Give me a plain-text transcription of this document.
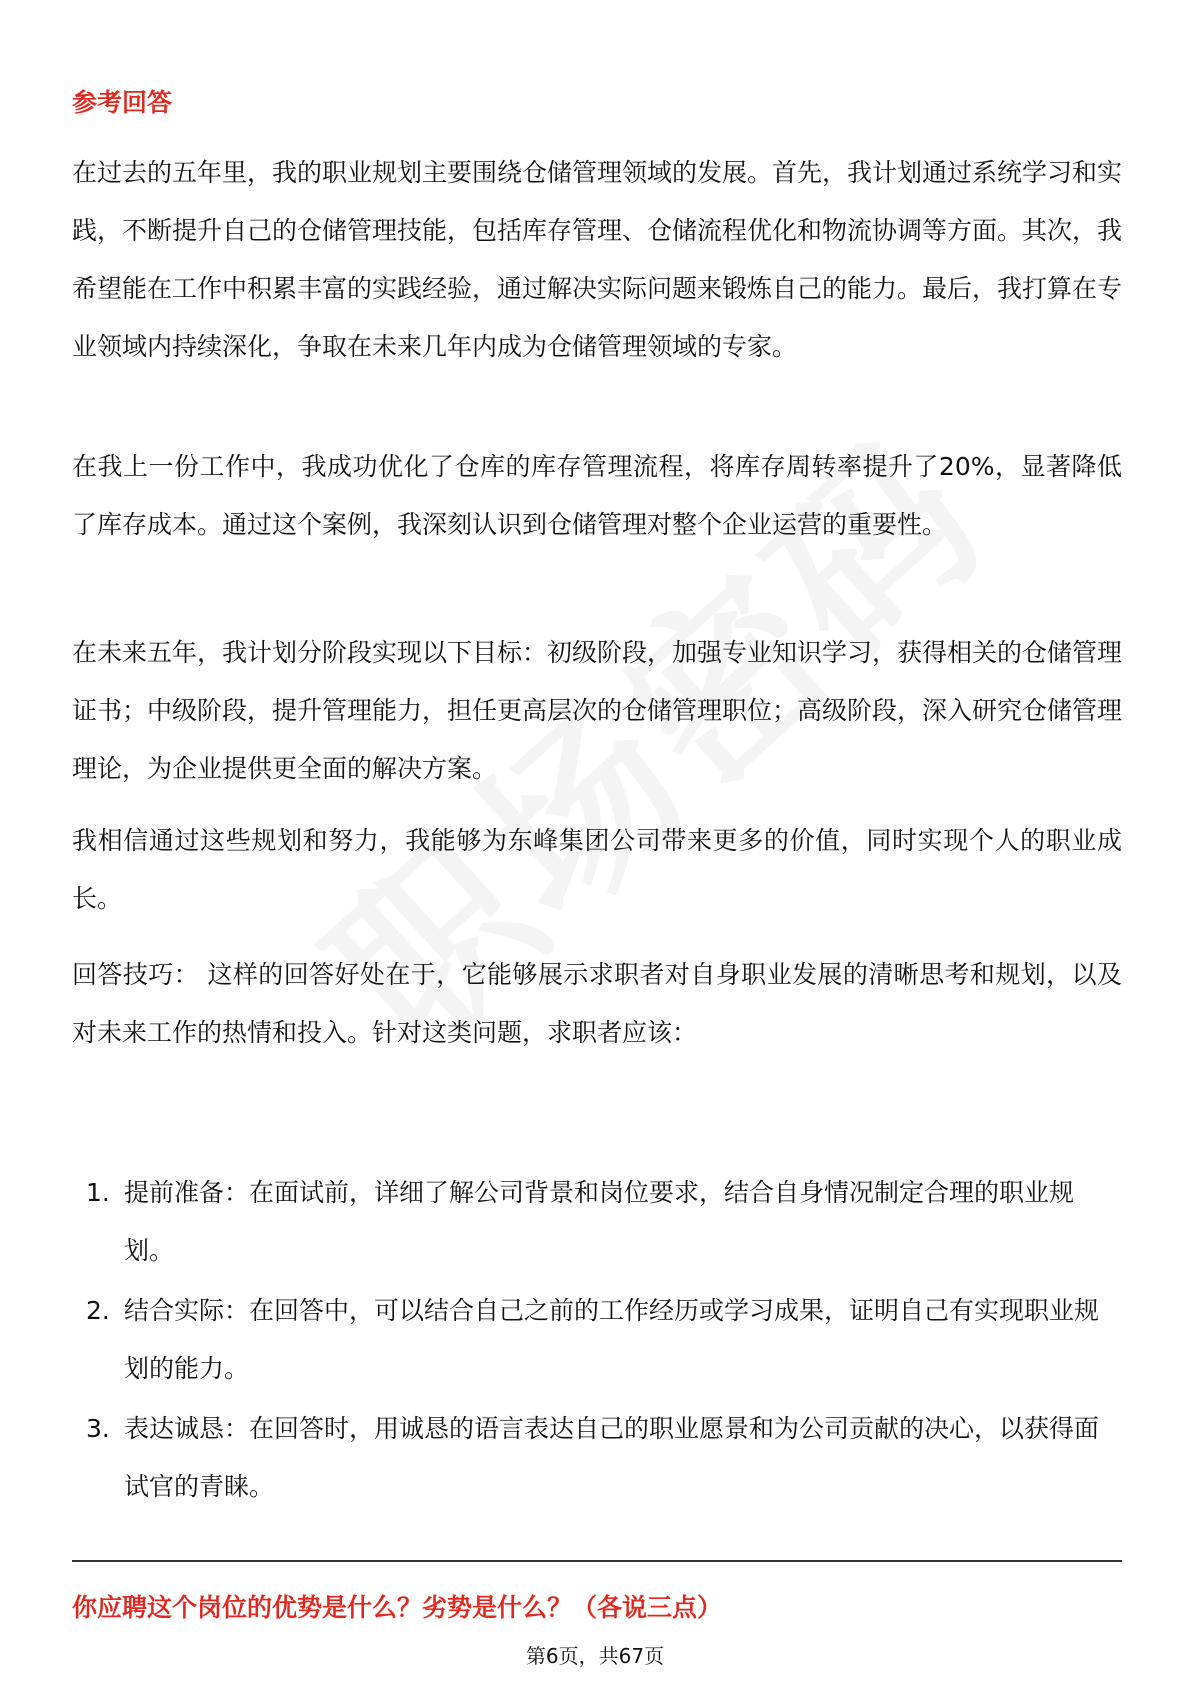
参考回答

在过去的五年里，我的职业规划主要围绕仓储管理领域的发展。首先，我计划通过系统学习和实践，不断提升自己的仓储管理技能，包括库存管理、仓储流程优化和物流协调等方面。其次，我希望能在工作中积累丰富的实践经验，通过解决实际问题来锻炼自己的能力。最后，我打算在专业领域内持续深化，争取在未来几年内成为仓储管理领域的专家。

在我上一份工作中，我成功优化了仓库的库存管理流程，将库存周转率提升了20%，显著降低了库存成本。通过这个案例，我深刻认识到仓储管理对整个企业运营的重要性。

在未来五年，我计划分阶段实现以下目标：初级阶段，加强专业知识学习，获得相关的仓储管理证书；中级阶段，提升管理能力，担任更高层次的仓储管理职位；高级阶段，深入研究仓储管理理论，为企业提供更全面的解决方案。

我相信通过这些规划和努力，我能够为东峰集团公司带来更多的价值，同时实现个人的职业成长。

回答技巧： 这样的回答好处在于，它能够展示求职者对自身职业发展的清晰思考和规划，以及对未来工作的热情和投入。针对这类问题，求职者应该：

1. 提前准备：在面试前，详细了解公司背景和岗位要求，结合自身情况制定合理的职业规划。
2. 结合实际：在回答中，可以结合自己之前的工作经历或学习成果，证明自己有实现职业规划的能力。
3. 表达诚恳：在回答时，用诚恳的语言表达自己的职业愿景和为公司贡献的决心，以获得面试官的青睐。
你应聘这个岗位的优势是什么？劣势是什么？（各说三点）
第6页，共67页
